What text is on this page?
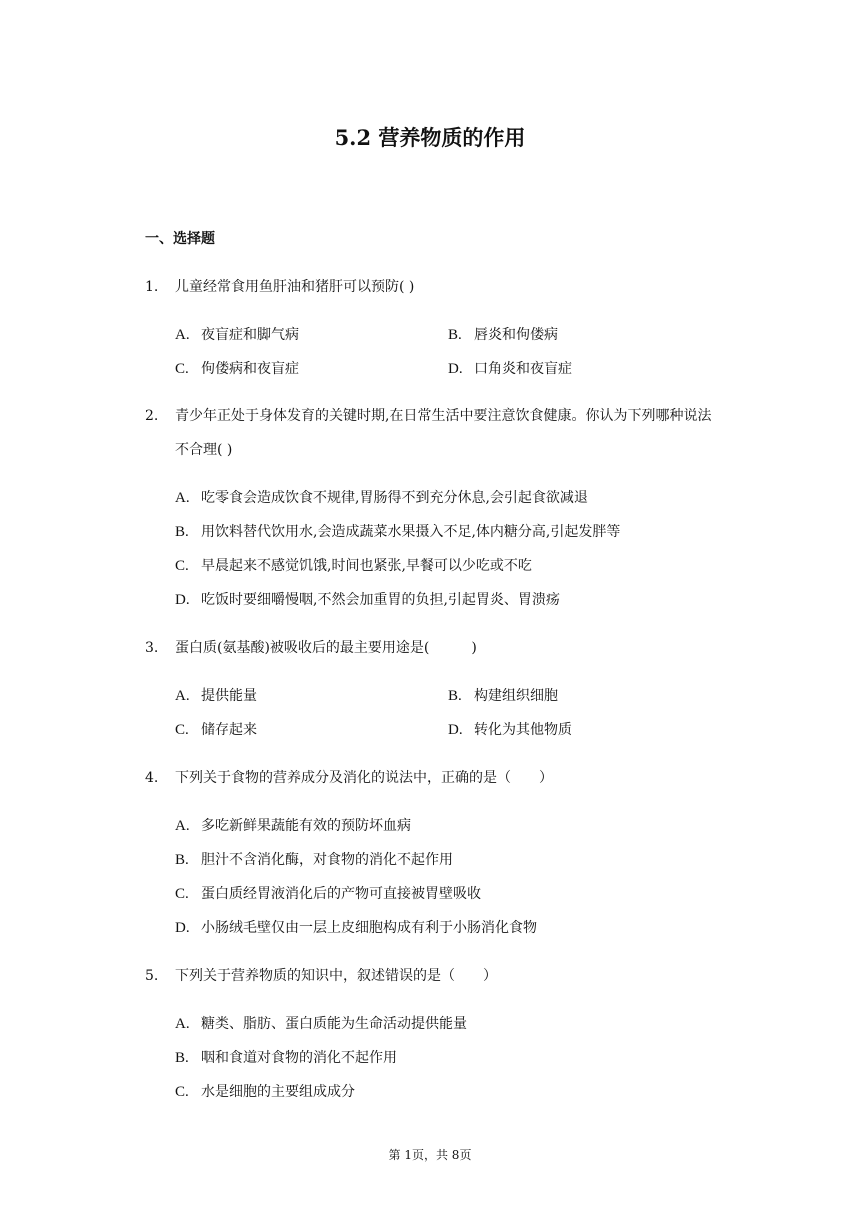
5.2 营养物质的作用
一、选择题
1. 儿童经常食用鱼肝油和猪肝可以预防( )
A. 夜盲症和脚气病	B. 唇炎和佝偻病
C. 佝偻病和夜盲症	D. 口角炎和夜盲症
2. 青少年正处于身体发育的关键时期,在日常生活中要注意饮食健康。你认为下列哪种说法不合理( )
A. 吃零食会造成饮食不规律,胃肠得不到充分休息,会引起食欲减退
B. 用饮料替代饮用水,会造成蔬菜水果摄入不足,体内糖分高,引起发胖等
C. 早晨起来不感觉饥饿,时间也紧张,早餐可以少吃或不吃
D. 吃饭时要细嚼慢咽,不然会加重胃的负担,引起胃炎、胃溃疡
3. 蛋白质(氨基酸)被吸收后的最主要用途是(　　　)
A. 提供能量	B. 构建组织细胞
C. 储存起来	D. 转化为其他物质
4. 下列关于食物的营养成分及消化的说法中，正确的是（　　）
A. 多吃新鲜果蔬能有效的预防坏血病
B. 胆汁不含消化酶，对食物的消化不起作用
C. 蛋白质经胃液消化后的产物可直接被胃壁吸收
D. 小肠绒毛壁仅由一层上皮细胞构成有利于小肠消化食物
5. 下列关于营养物质的知识中，叙述错误的是（　　）
A. 糖类、脂肪、蛋白质能为生命活动提供能量
B. 咽和食道对食物的消化不起作用
C. 水是细胞的主要组成成分
第 1页，共 8页
